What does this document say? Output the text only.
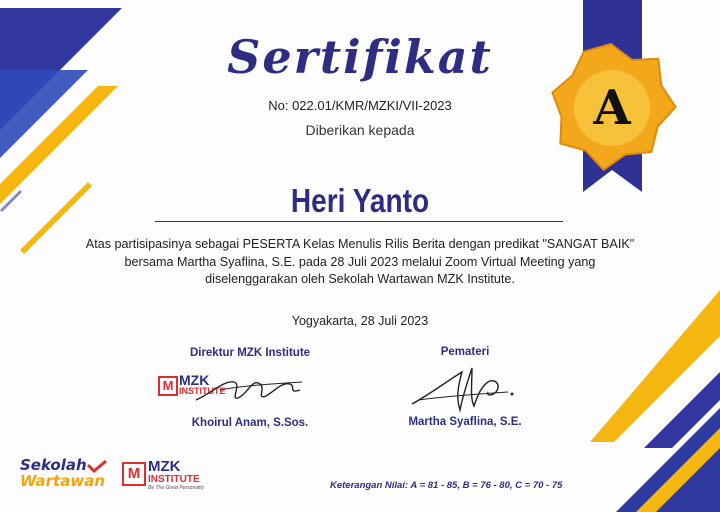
A
Sertifikat
No: 022.01/KMR/MZKI/VII-2023
Diberikan kepada
Heri Yanto
Atas partisipasinya sebagai PESERTA Kelas Menulis Rilis Berita dengan predikat "SANGAT BAIK" bersama Martha Syaflina, S.E. pada 28 Juli 2023 melalui Zoom Virtual Meeting yang diselenggarakan oleh Sekolah Wartawan MZK Institute.
Yogyakarta, 28 Juli 2023
Direktur MZK Institute
M MZK
INSTITUTE
Khoirul Anam, S.Sos.
Pemateri
Martha Syaflina, S.E.
Sekolah
Wartawan	M MZK
INSTITUTE
Be The Great Personality	Keterangan Nilai: A = 81 - 85, B = 76 - 80, C = 70 - 75
